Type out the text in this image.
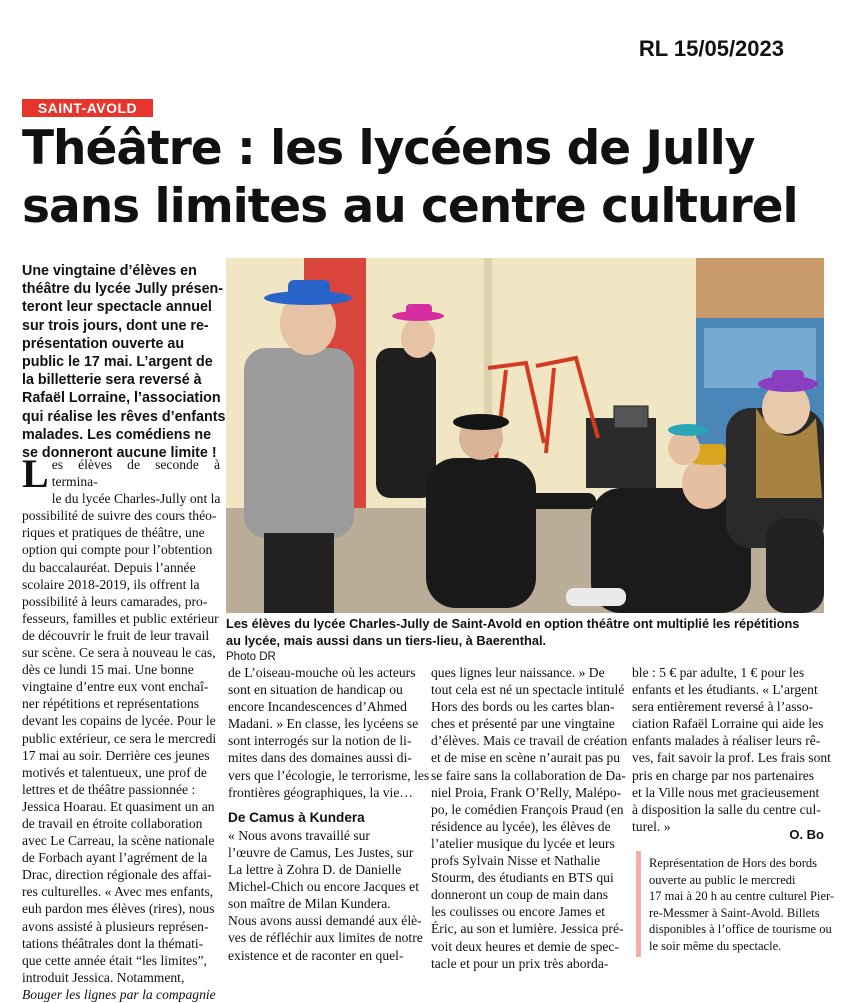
RL 15/05/2023
SAINT-AVOLD
Théâtre : les lycéens de Jully
sans limites au centre culturel
Une vingtaine d’élèves en
théâtre du lycée Jully présen-
teront leur spectacle annuel
sur trois jours, dont une re-
présentation ouverte au
public le 17 mai. L’argent de
la billetterie sera reversé à
Rafaël Lorraine, l’association
qui réalise les rêves d’enfants
malades. Les comédiens ne
se donneront aucune limite !
L es élèves de seconde à termina-
le du lycée Charles-Jully ont la
possibilité de suivre des cours théo-
riques et pratiques de théâtre, une
option qui compte pour l’obtention
du baccalauréat. Depuis l’année
scolaire 2018-2019, ils offrent la
possibilité à leurs camarades, pro-
fesseurs, familles et public extérieur
de découvrir le fruit de leur travail
sur scène. Ce sera à nouveau le cas,
dès ce lundi 15 mai. Une bonne
vingtaine d’entre eux vont enchaî-
ner répétitions et représentations
devant les copains de lycée. Pour le
public extérieur, ce sera le mercredi
17 mai au soir. Derrière ces jeunes
motivés et talentueux, une prof de
lettres et de théâtre passionnée :
Jessica Hoarau. Et quasiment un an
de travail en étroite collaboration
avec Le Carreau, la scène nationale
de Forbach ayant l’agrément de la
Drac, direction régionale des affai-
res culturelles. « Avec mes enfants,
euh pardon mes élèves (rires), nous
avons assisté à plusieurs représen-
tations théâtrales dont la thémati-
que cette année était “les limites”,
introduit Jessica. Notamment,
Bouger les lignes par la compagnie
Les élèves du lycée Charles-Jully de Saint-Avold en option théâtre ont multiplié les répétitions
au lycée, mais aussi dans un tiers-lieu, à Baerenthal.
Photo DR
de L’oiseau-mouche où les acteurs
sont en situation de handicap ou
encore Incandescences d’Ahmed
Madani. » En classe, les lycéens se
sont interrogés sur la notion de li-
mites dans des domaines aussi di-
vers que l’écologie, le terrorisme, les
frontières géographiques, la vie…
De Camus à Kundera
« Nous avons travaillé sur
l’œuvre de Camus, Les Justes, sur
La lettre à Zohra D. de Danielle
Michel-Chich ou encore Jacques et
son maître de Milan Kundera.
Nous avons aussi demandé aux élè-
ves de réfléchir aux limites de notre
existence et de raconter en quel-
ques lignes leur naissance. » De
tout cela est né un spectacle intitulé
Hors des bords ou les cartes blan-
ches et présenté par une vingtaine
d’élèves. Mais ce travail de création
et de mise en scène n’aurait pas pu
se faire sans la collaboration de Da-
niel Proia, Frank O’Relly, Malépo-
po, le comédien François Praud (en
résidence au lycée), les élèves de
l’atelier musique du lycée et leurs
profs Sylvain Nisse et Nathalie
Stourm, des étudiants en BTS qui
donneront un coup de main dans
les coulisses ou encore James et
Éric, au son et lumière. Jessica pré-
voit deux heures et demie de spec-
tacle et pour un prix très aborda-
ble : 5 € par adulte, 1 € pour les
enfants et les étudiants. « L’argent
sera entièrement reversé à l’asso-
ciation Rafaël Lorraine qui aide les
enfants malades à réaliser leurs rê-
ves, fait savoir la prof. Les frais sont
pris en charge par nos partenaires
et la Ville nous met gracieusement
à disposition la salle du centre cul-
turel. »
O. Bo
Représentation de Hors des bords
ouverte au public le mercredi
17 mai à 20 h au centre culturel Pier-
re-Messmer à Saint-Avold. Billets
disponibles à l’office de tourisme ou
le soir même du spectacle.
